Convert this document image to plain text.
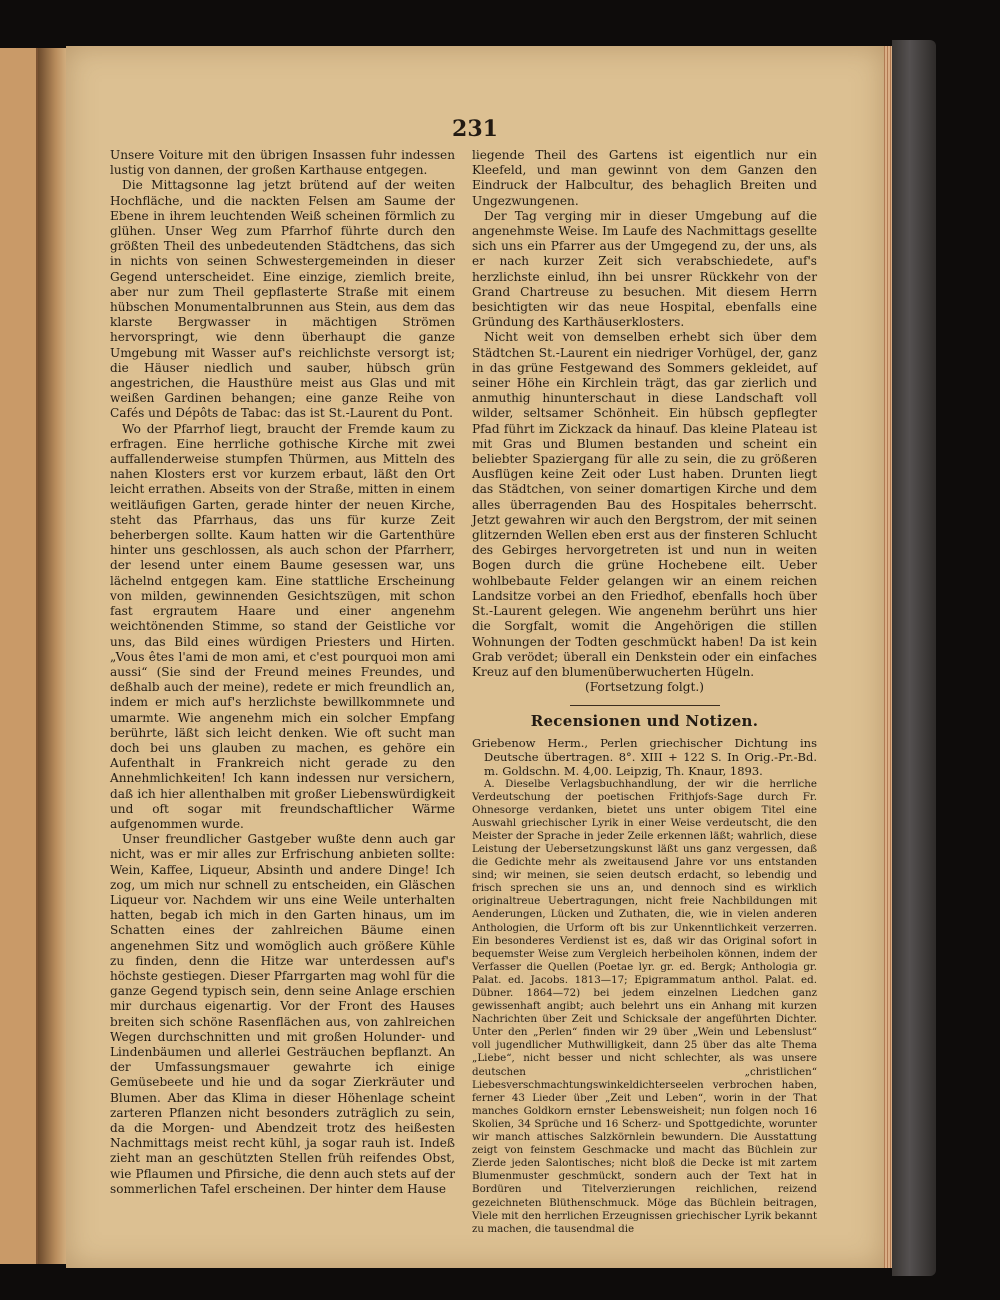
231

Unsere Voiture mit den übrigen Insassen fuhr indessen lustig von dannen, der großen Karthause entgegen.

Die Mittagsonne lag jetzt brütend auf der weiten Hochfläche, und die nackten Felsen am Saume der Ebene in ihrem leuchtenden Weiß scheinen förmlich zu glühen. Unser Weg zum Pfarrhof führte durch den größten Theil des unbedeutenden Städtchens, das sich in nichts von seinen Schwestergemeinden in dieser Gegend unterscheidet. Eine einzige, ziemlich breite, aber nur zum Theil gepflasterte Straße mit einem hübschen Monumentalbrunnen aus Stein, aus dem das klarste Bergwasser in mächtigen Strömen hervorspringt, wie denn überhaupt die ganze Umgebung mit Wasser auf's reichlichste versorgt ist; die Häuser niedlich und sauber, hübsch grün angestrichen, die Hausthüre meist aus Glas und mit weißen Gardinen behangen; eine ganze Reihe von Cafés und Dépôts de Tabac: das ist St.-Laurent du Pont.

Wo der Pfarrhof liegt, braucht der Fremde kaum zu erfragen. Eine herrliche gothische Kirche mit zwei auffallenderweise stumpfen Thürmen, aus Mitteln des nahen Klosters erst vor kurzem erbaut, läßt den Ort leicht errathen. Abseits von der Straße, mitten in einem weitläufigen Garten, gerade hinter der neuen Kirche, steht das Pfarrhaus, das uns für kurze Zeit beherbergen sollte. Kaum hatten wir die Gartenthüre hinter uns geschlossen, als auch schon der Pfarrherr, der lesend unter einem Baume gesessen war, uns lächelnd entgegen kam. Eine stattliche Erscheinung von milden, gewinnenden Gesichtszügen, mit schon fast ergrautem Haare und einer angenehm weichtönenden Stimme, so stand der Geistliche vor uns, das Bild eines würdigen Priesters und Hirten. „Vous êtes l'ami de mon ami, et c'est pourquoi mon ami aussi“ (Sie sind der Freund meines Freundes, und deßhalb auch der meine), redete er mich freundlich an, indem er mich auf's herzlichste bewillkommnete und umarmte. Wie angenehm mich ein solcher Empfang berührte, läßt sich leicht denken. Wie oft sucht man doch bei uns glauben zu machen, es gehöre ein Aufenthalt in Frankreich nicht gerade zu den Annehmlichkeiten! Ich kann indessen nur versichern, daß ich hier allenthalben mit großer Liebenswürdigkeit und oft sogar mit freundschaftlicher Wärme aufgenommen wurde.

Unser freundlicher Gastgeber wußte denn auch gar nicht, was er mir alles zur Erfrischung anbieten sollte: Wein, Kaffee, Liqueur, Absinth und andere Dinge! Ich zog, um mich nur schnell zu entscheiden, ein Gläschen Liqueur vor. Nachdem wir uns eine Weile unterhalten hatten, begab ich mich in den Garten hinaus, um im Schatten eines der zahlreichen Bäume einen angenehmen Sitz und womöglich auch größere Kühle zu finden, denn die Hitze war unterdessen auf's höchste gestiegen. Dieser Pfarrgarten mag wohl für die ganze Gegend typisch sein, denn seine Anlage erschien mir durchaus eigenartig. Vor der Front des Hauses breiten sich schöne Rasenflächen aus, von zahlreichen Wegen durchschnitten und mit großen Holunder- und Lindenbäumen und allerlei Gesträuchen bepflanzt. An der Umfassungsmauer gewahrte ich einige Gemüsebeete und hie und da sogar Zierkräuter und Blumen. Aber das Klima in dieser Höhenlage scheint zarteren Pflanzen nicht besonders zuträglich zu sein, da die Morgen- und Abendzeit trotz des heißesten Nachmittags meist recht kühl, ja sogar rauh ist. Indeß zieht man an geschützten Stellen früh reifendes Obst, wie Pflaumen und Pfirsiche, die denn auch stets auf der sommerlichen Tafel erscheinen. Der hinter dem Hause

liegende Theil des Gartens ist eigentlich nur ein Kleefeld, und man gewinnt von dem Ganzen den Eindruck der Halbcultur, des behaglich Breiten und Ungezwungenen.

Der Tag verging mir in dieser Umgebung auf die angenehmste Weise. Im Laufe des Nachmittags gesellte sich uns ein Pfarrer aus der Umgegend zu, der uns, als er nach kurzer Zeit sich verabschiedete, auf's herzlichste einlud, ihn bei unsrer Rückkehr von der Grand Chartreuse zu besuchen. Mit diesem Herrn besichtigten wir das neue Hospital, ebenfalls eine Gründung des Karthäuserklosters.

Nicht weit von demselben erhebt sich über dem Städtchen St.-Laurent ein niedriger Vorhügel, der, ganz in das grüne Festgewand des Sommers gekleidet, auf seiner Höhe ein Kirchlein trägt, das gar zierlich und anmuthig hinunterschaut in diese Landschaft voll wilder, seltsamer Schönheit. Ein hübsch gepflegter Pfad führt im Zickzack da hinauf. Das kleine Plateau ist mit Gras und Blumen bestanden und scheint ein beliebter Spaziergang für alle zu sein, die zu größeren Ausflügen keine Zeit oder Lust haben. Drunten liegt das Städtchen, von seiner domartigen Kirche und dem alles überragenden Bau des Hospitales beherrscht. Jetzt gewahren wir auch den Bergstrom, der mit seinen glitzernden Wellen eben erst aus der finsteren Schlucht des Gebirges hervorgetreten ist und nun in weiten Bogen durch die grüne Hochebene eilt. Ueber wohlbebaute Felder gelangen wir an einem reichen Landsitze vorbei an den Friedhof, ebenfalls hoch über St.-Laurent gelegen. Wie angenehm berührt uns hier die Sorgfalt, womit die Angehörigen die stillen Wohnungen der Todten geschmückt haben! Da ist kein Grab verödet; überall ein Denkstein oder ein einfaches Kreuz auf den blumenüberwucherten Hügeln.

(Fortsetzung folgt.)

Recensionen und Notizen.

Griebenow Herm., Perlen griechischer Dichtung ins Deutsche übertragen. 8°. XIII + 122 S. In Orig.-Pr.-Bd. m. Goldschn. M. 4,00. Leipzig, Th. Knaur, 1893.

A. Dieselbe Verlagsbuchhandlung, der wir die herrliche Verdeutschung der poetischen Frithjofs-Sage durch Fr. Ohnesorge verdanken, bietet uns unter obigem Titel eine Auswahl griechischer Lyrik in einer Weise verdeutscht, die den Meister der Sprache in jeder Zeile erkennen läßt; wahrlich, diese Leistung der Uebersetzungskunst läßt uns ganz vergessen, daß die Gedichte mehr als zweitausend Jahre vor uns entstanden sind; wir meinen, sie seien deutsch erdacht, so lebendig und frisch sprechen sie uns an, und dennoch sind es wirklich originaltreue Uebertragungen, nicht freie Nachbildungen mit Aenderungen, Lücken und Zuthaten, die, wie in vielen anderen Anthologien, die Urform oft bis zur Unkenntlichkeit verzerren. Ein besonderes Verdienst ist es, daß wir das Original sofort in bequemster Weise zum Vergleich herbeiholen können, indem der Verfasser die Quellen (Poetae lyr. gr. ed. Bergk; Anthologia gr. Palat. ed. Jacobs. 1813—17; Epigrammatum anthol. Palat. ed. Dübner. 1864—72) bei jedem einzelnen Liedchen ganz gewissenhaft angibt; auch belehrt uns ein Anhang mit kurzen Nachrichten über Zeit und Schicksale der angeführten Dichter. Unter den „Perlen“ finden wir 29 über „Wein und Lebenslust“ voll jugendlicher Muthwilligkeit, dann 25 über das alte Thema „Liebe“, nicht besser und nicht schlechter, als was unsere deutschen „christlichen“ Liebesverschmachtungswinkeldichterseelen verbrochen haben, ferner 43 Lieder über „Zeit und Leben“, worin in der That manches Goldkorn ernster Lebensweisheit; nun folgen noch 16 Skolien, 34 Sprüche und 16 Scherz- und Spottgedichte, worunter wir manch attisches Salzkörnlein bewundern. Die Ausstattung zeigt von feinstem Geschmacke und macht das Büchlein zur Zierde jeden Salontisches; nicht bloß die Decke ist mit zartem Blumenmuster geschmückt, sondern auch der Text hat in Bordüren und Titelverzierungen reichlichen, reizend gezeichneten Blüthenschmuck. Möge das Büchlein beitragen, Viele mit den herrlichen Erzeugnissen griechischer Lyrik bekannt zu machen, die tausendmal die
